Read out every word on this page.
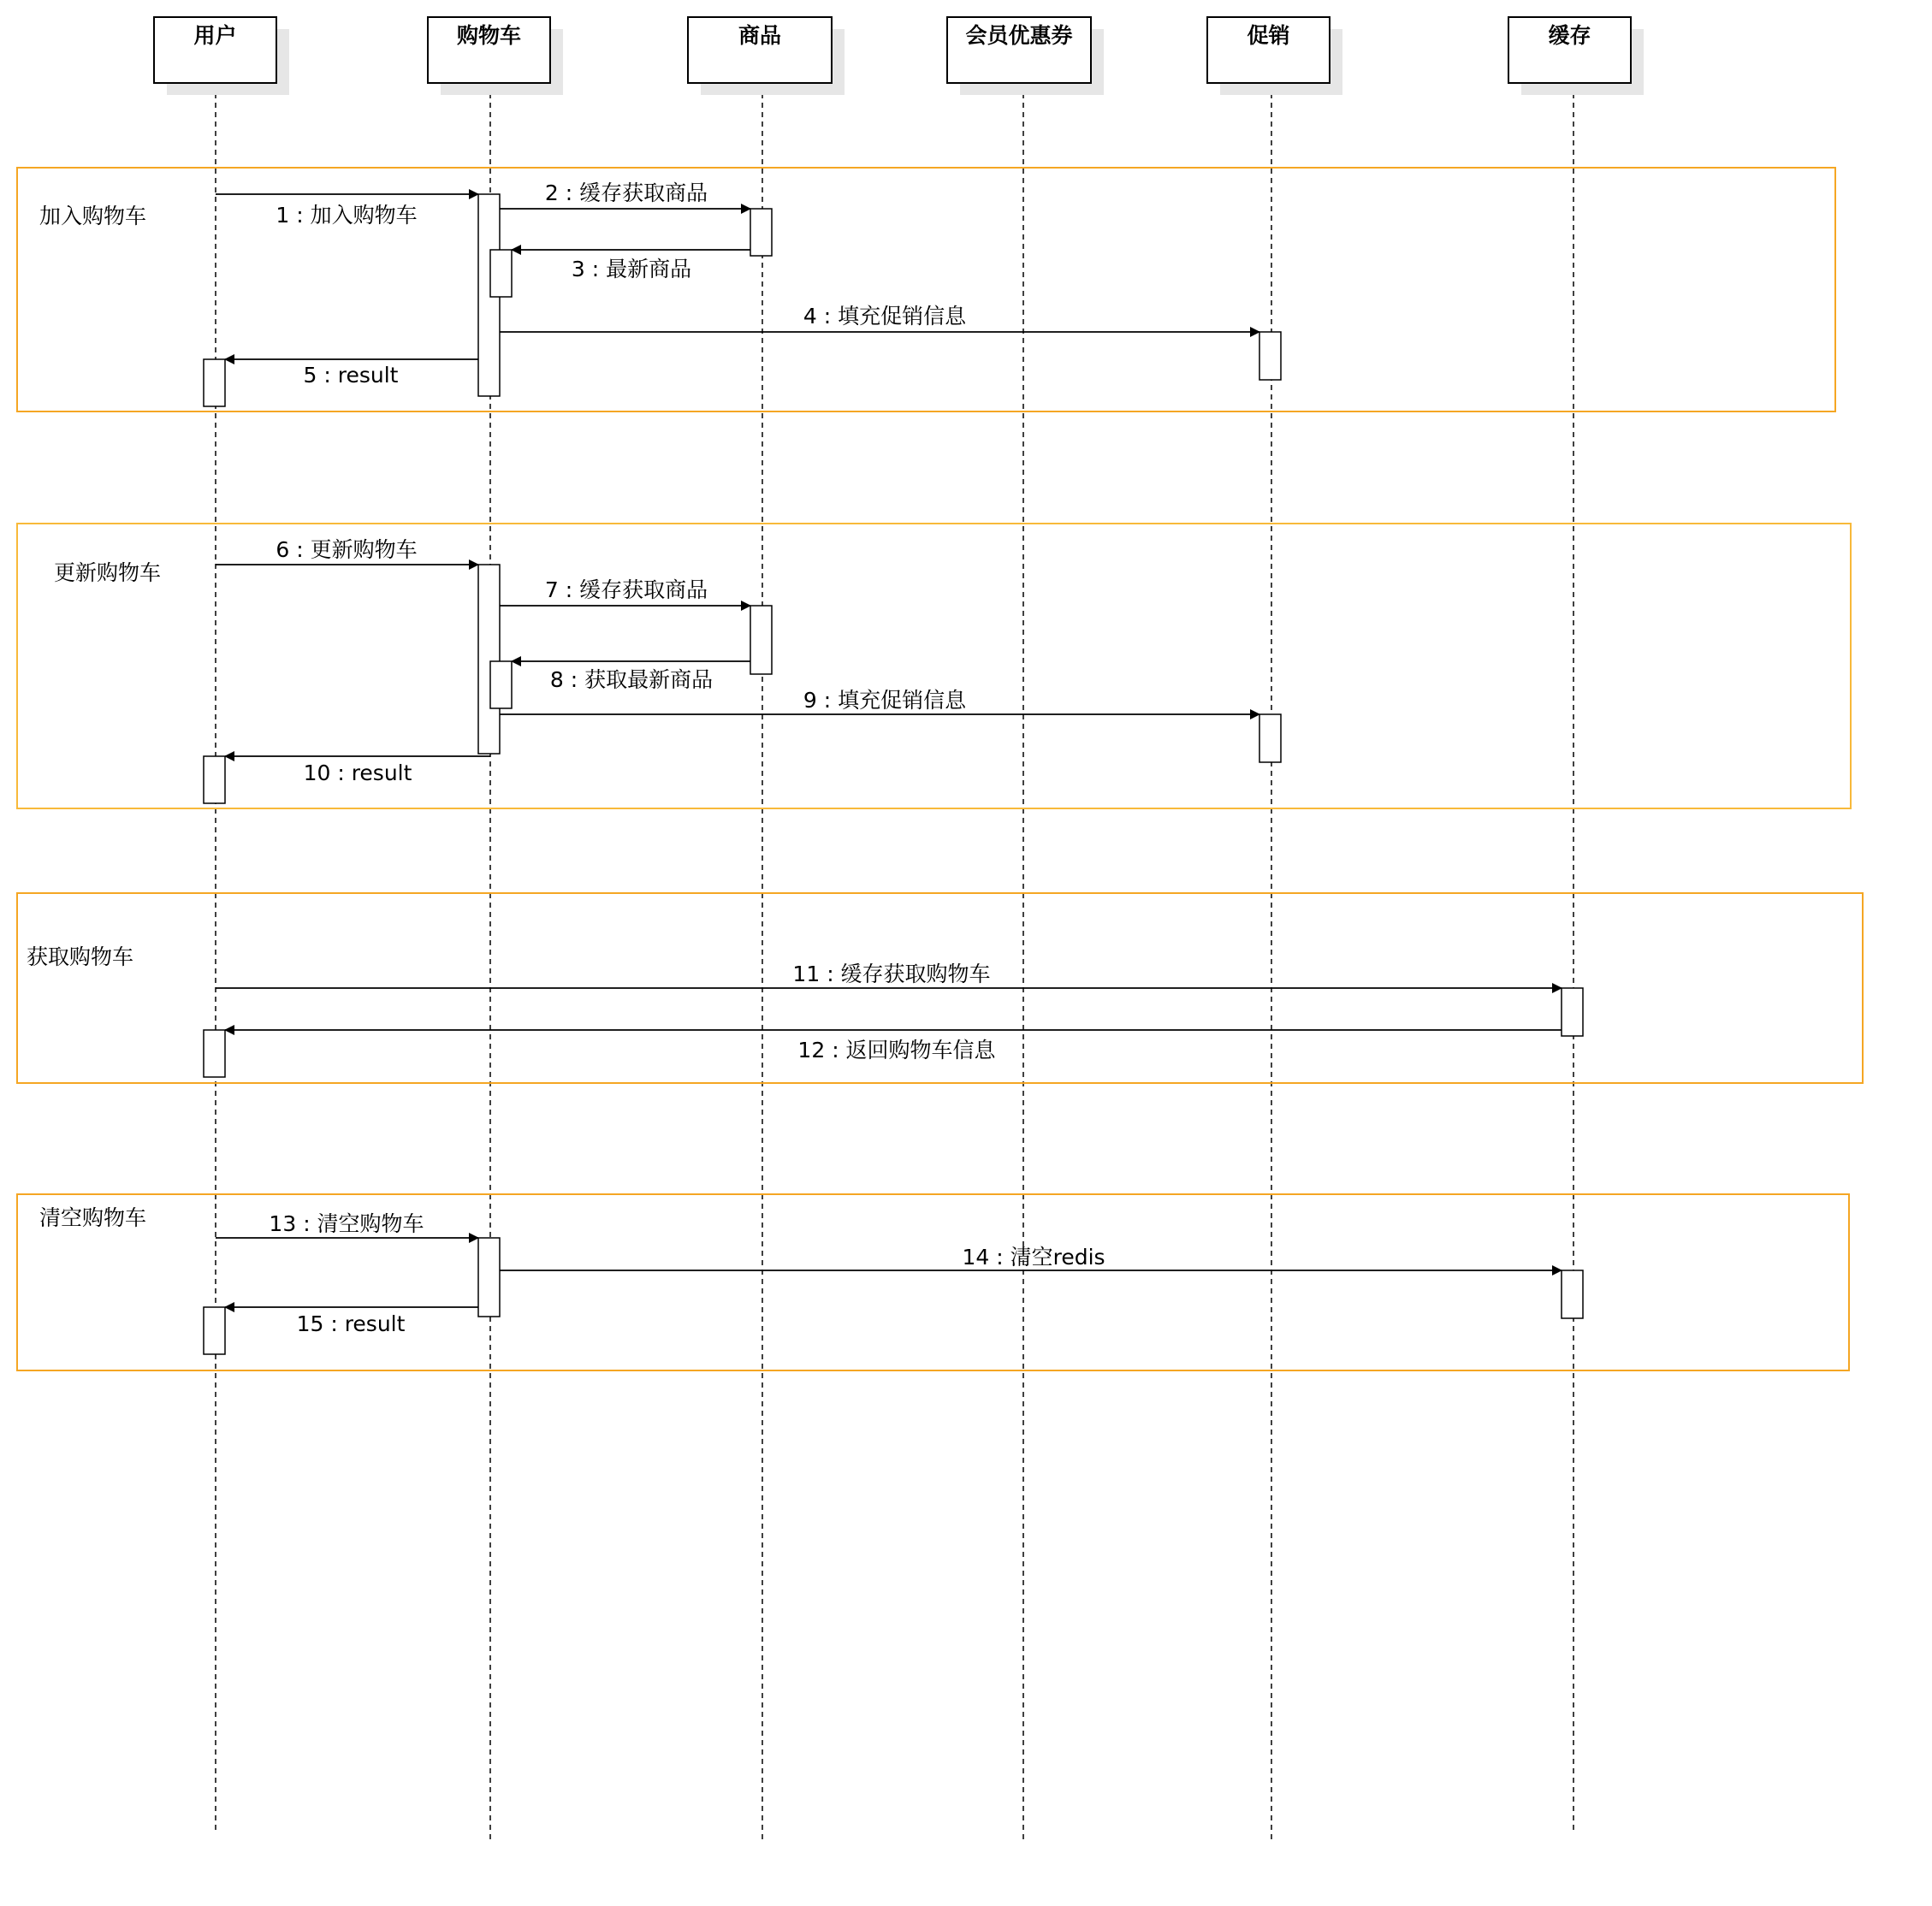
用户	购物车	商品	会员优惠券	促销	缓存
加入购物车
更新购物车
获取购物车
清空购物车
1 : 加入购物车
2 : 缓存获取商品
3 : 最新商品
4 : 填充促销信息
5 : result
6 : 更新购物车
7 : 缓存获取商品
8 : 获取最新商品
9 : 填充促销信息
10 : result
11 : 缓存获取购物车
12 : 返回购物车信息
13 : 清空购物车
14 : 清空redis
15 : result
